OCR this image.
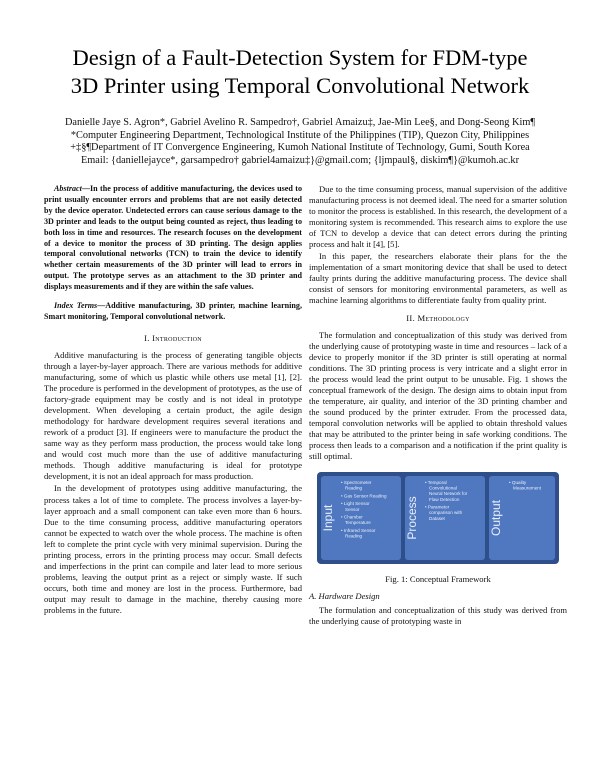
Design of a Fault-Detection System for FDM-type
3D Printer using Temporal Convolutional Network
Danielle Jaye S. Agron*, Gabriel Avelino R. Sampedro†, Gabriel Amaizu‡, Jae-Min Lee§, and Dong-Seong Kim¶
*Computer Engineering Department, Technological Institute of the Philippines (TIP), Quezon City, Philippines
+‡§¶Department of IT Convergence Engineering, Kumoh National Institute of Technology, Gumi, South Korea
Email: {daniellejayce*, garsampedro† gabriel4amaizu‡}@gmail.com; {ljmpaul§, diskim¶}@kumoh.ac.kr

Abstract—In the process of additive manufacturing, the devices used to print usually encounter errors and problems that are not easily detected by the device operator. Undetected errors can cause serious damage to the 3D printer and leads to the output being counted as reject, thus leading to both loss in time and resources. The research focuses on the development of a device to monitor the process of 3D printing. The design applies temporal convolutional networks (TCN) to train the device to identify whether certain measurements of the 3D printer will lead to errors in output. The prototype serves as an attachment to the 3D printer and displays measurements and if they are within the safe values.

Index Terms—Additive manufacturing, 3D printer, machine learning, Smart monitoring, Temporal convolutional network.

I. Introduction

Additive manufacturing is the process of generating tangible objects through a layer-by-layer approach. There are various methods for additive manufacturing, some of which us plastic while others use metal [1], [2]. The procedure is performed in the development of prototypes, as the use of factory-grade equipment may be costly and is not ideal in prototype development. When developing a certain product, the agile design methodology for hardware development requires several iterations and rework of a product [3]. If engineers were to manufacture the product the same way as they perform mass production, the process would take long and would cost much more than the use of additive manufacturing methods. Though additive manufacturing is ideal for prototype development, it is not an ideal approach for mass production.

In the development of prototypes using additive manufacturing, the process takes a lot of time to complete. The process involves a layer-by-layer approach and a small component can take even more than 6 hours. Due to the time consuming process, additive manufacturing operators cannot be expected to watch over the whole process. The machine is often left to complete the print cycle with very minimal supervision. During the printing process, errors in the printing process may occur. Small defects and imperfections in the print can compile and later lead to more serious problems, leaving the output print as a reject or simply waste. If such occurs, both time and money are lost in the process. Furthermore, bad output may result to damage in the machine, thereby causing more problems in the future.

Due to the time consuming process, manual supervision of the additive manufacturing process is not deemed ideal. The need for a smarter solution to monitor the process is established. In this research, the development of a monitoring system is recommended. This research aims to explore the use of TCN to develop a device that can detect errors during the printing process and halt it [4], [5].

In this paper, the researchers elaborate their plans for the the implementation of a smart monitoring device that shall be used to detect faulty prints during the additive manufacturing process. The device shall consist of sensors for monitoring environmental parameters, as well as machine learning algorithms to differentiate faulty from quality print.

II. Methodology

The formulation and conceptualization of this study was derived from the underlying cause of prototyping waste in time and resources – lack of a device to properly monitor if the 3D printer is still operating at normal conditions. The 3D printing process is very intricate and a slight error in the process would lead the print output to be unusable. Fig. 1 shows the conceptual framework of the design. The design aims to obtain input from the temperature, air quality, and interior of the 3D printing chamber and the sound produced by the printer extruder. From the processed data, temporal convolution networks will be applied to obtain threshold values that may be attributed to the printer being in safe working conditions. The process then leads to a comparison and a notification if the print quality is still optimal.

Input	Process	Output
• Spectrometer
Reading
• Gas Sensor Reading
• Light Sensor
Sensor
• Chamber
Temperature
• Infrared Sensor
Reading
• Temporal
Convolutional
Neural Network for
Flaw Detection
• Parameter
comparison with
Dataset
• Quality
Measurement
Fig. 1: Conceptual Framework
A. Hardware Design

The formulation and conceptualization of this study was derived from the underlying cause of prototyping waste in
